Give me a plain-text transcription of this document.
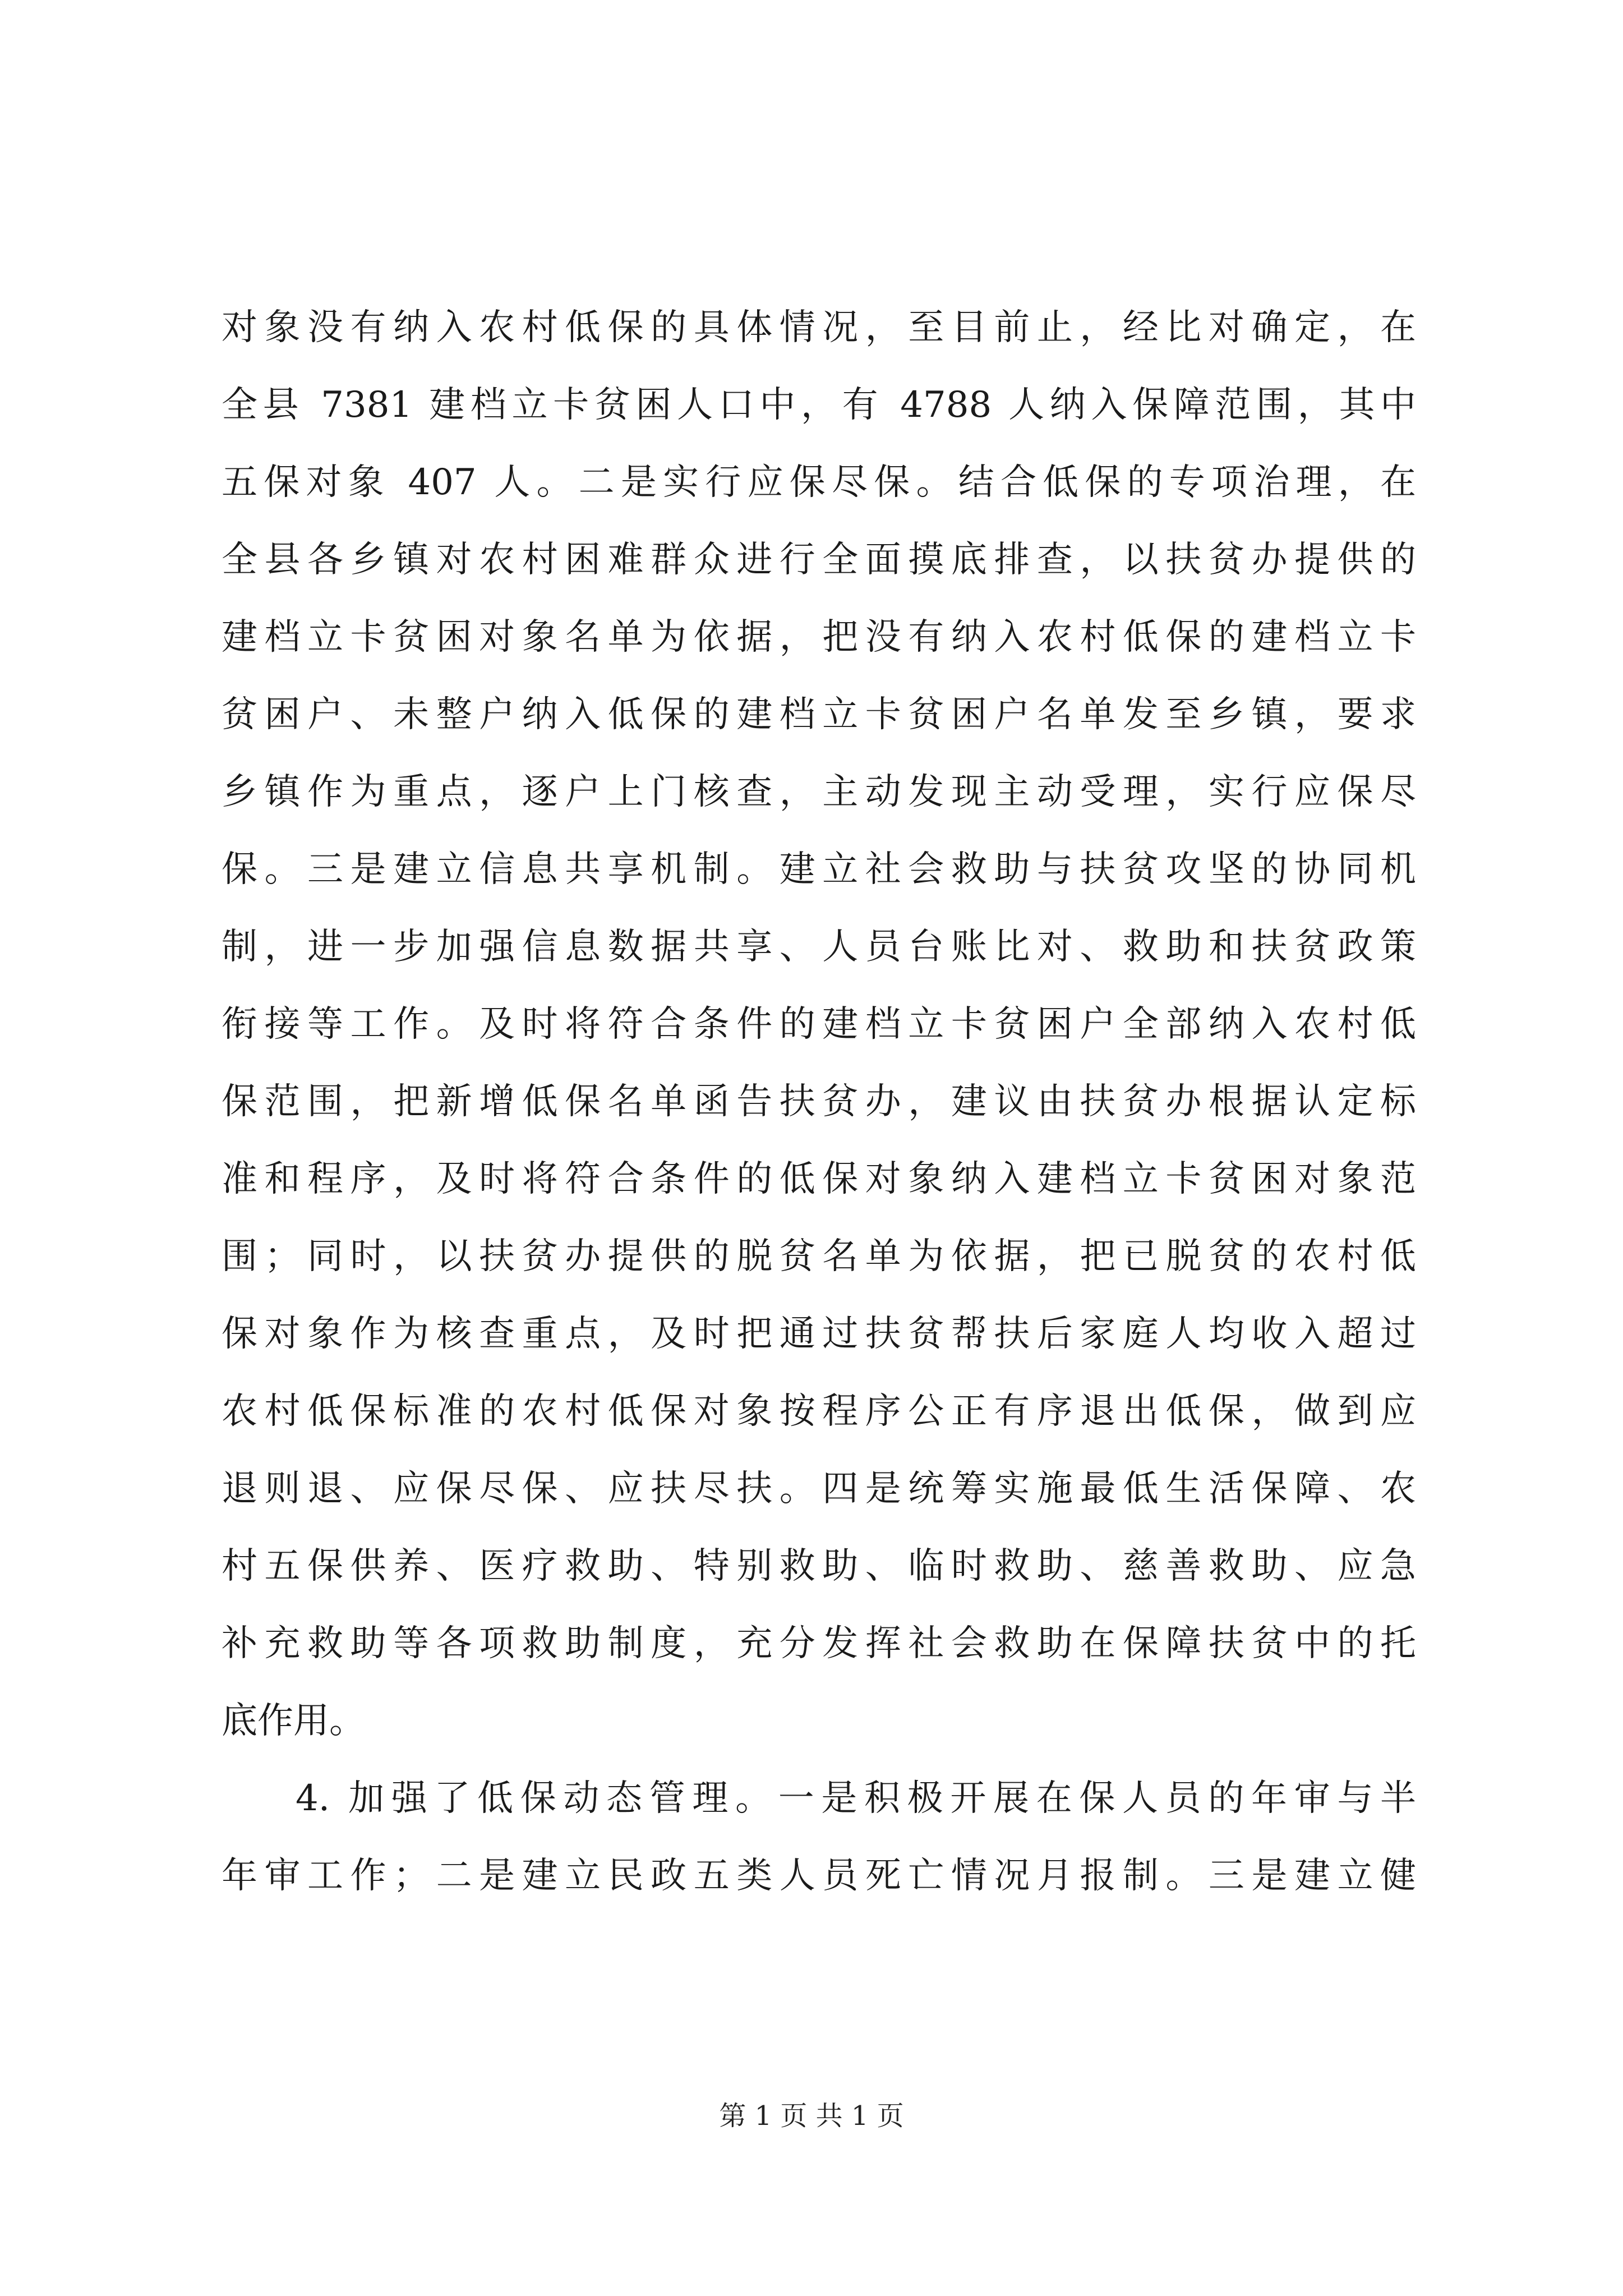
对象没有纳入农村低保的具体情况，至目前止，经比对确定，在
全县 7381 建档立卡贫困人口中，有 4788 人纳入保障范围，其中
五保对象 407 人。二是实行应保尽保。结合低保的专项治理，在
全县各乡镇对农村困难群众进行全面摸底排查，以扶贫办提供的
建档立卡贫困对象名单为依据，把没有纳入农村低保的建档立卡
贫困户、未整户纳入低保的建档立卡贫困户名单发至乡镇，要求
乡镇作为重点，逐户上门核查，主动发现主动受理，实行应保尽
保。三是建立信息共享机制。建立社会救助与扶贫攻坚的协同机
制，进一步加强信息数据共享、人员台账比对、救助和扶贫政策
衔接等工作。及时将符合条件的建档立卡贫困户全部纳入农村低
保范围，把新增低保名单函告扶贫办，建议由扶贫办根据认定标
准和程序，及时将符合条件的低保对象纳入建档立卡贫困对象范
围；同时，以扶贫办提供的脱贫名单为依据，把已脱贫的农村低
保对象作为核查重点，及时把通过扶贫帮扶后家庭人均收入超过
农村低保标准的农村低保对象按程序公正有序退出低保，做到应
退则退、应保尽保、应扶尽扶。四是统筹实施最低生活保障、农
村五保供养、医疗救助、特别救助、临时救助、慈善救助、应急
补充救助等各项救助制度，充分发挥社会救助在保障扶贫中的托
底作用。
4. 加强了低保动态管理。一是积极开展在保人员的年审与半
年审工作；二是建立民政五类人员死亡情况月报制。三是建立健
第 1 页 共 1 页
